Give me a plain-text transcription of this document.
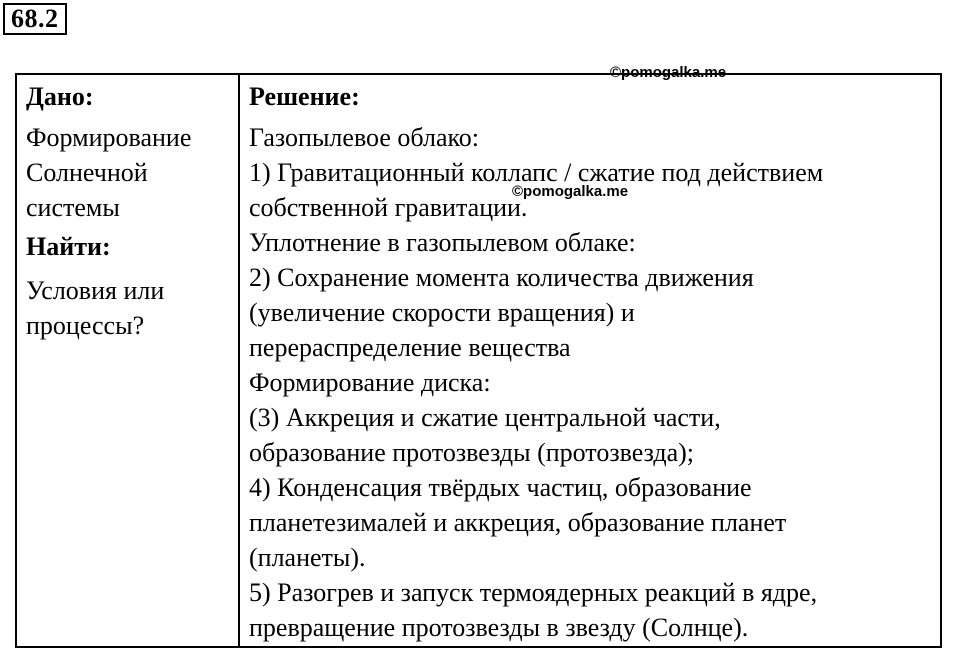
68.2
Дано:
Формирование
Солнечной
системы
Найти:
Условия или
процессы?

Решение:
Газопылевое облако:
1) Гравитационный коллапс / сжатие под действием
собственной гравитации.
Уплотнение в газопылевом облаке:
2) Сохранение момента количества движения
(увеличение скорости вращения) и
перераспределение вещества
Формирование диска:
(3) Аккреция и сжатие центральной части,
образование протозвезды (протозвезда);
4) Конденсация твёрдых частиц, образование
планетезималей и аккреция, образование планет
(планеты).
5) Разогрев и запуск термоядерных реакций в ядре,
превращение протозвезды в звезду (Солнце).
©pomogalka.me
©pomogalka.me
